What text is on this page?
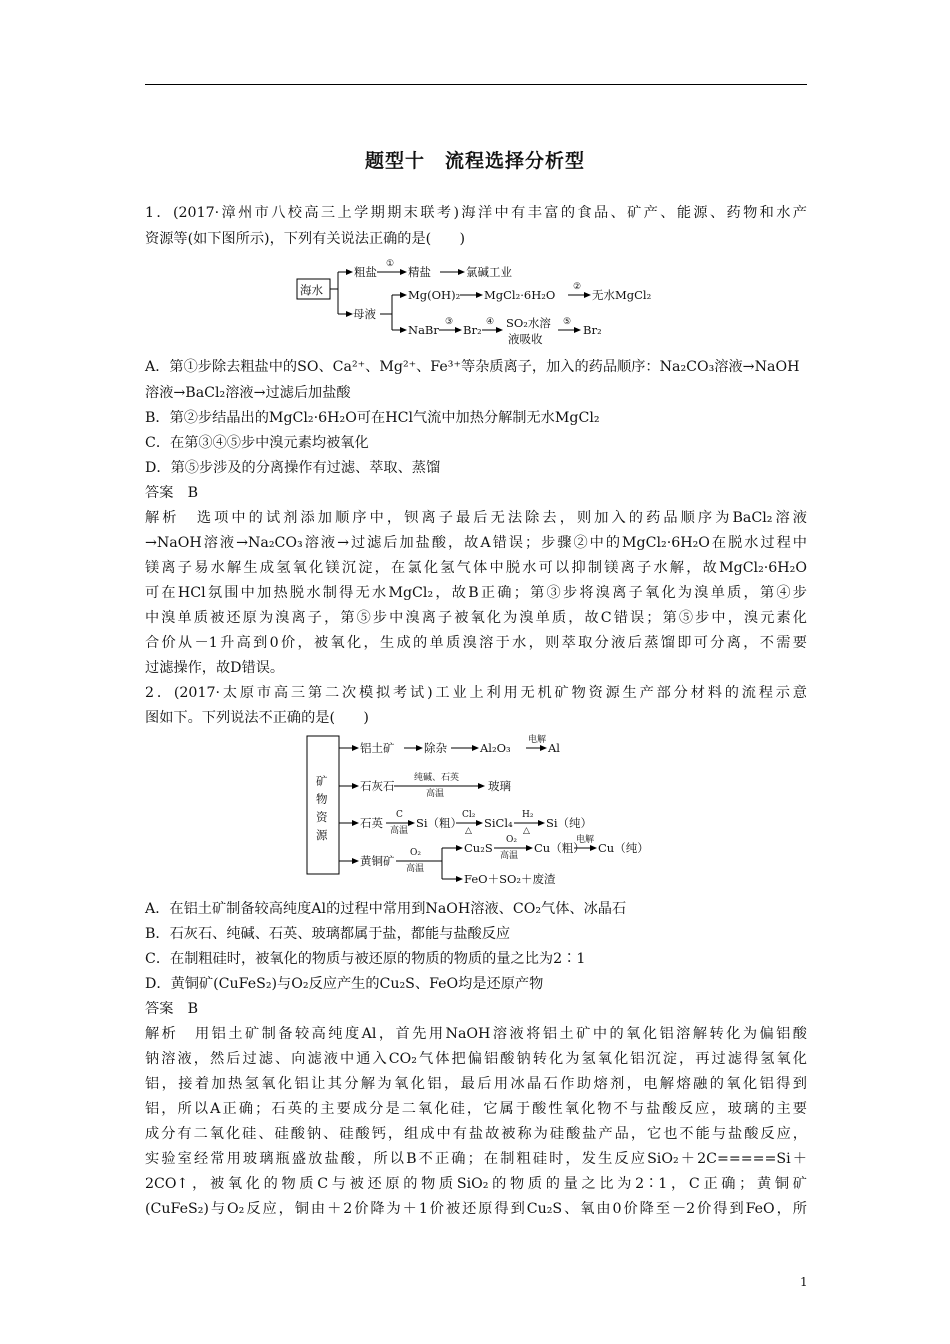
题型十　流程选择分析型
1．(2017·漳州市八校高三上学期期末联考)海洋中有丰富的食品、矿产、能源、药物和水产
资源等(如下图所示)，下列有关说法正确的是(　　)
海水
粗盐
①
精盐	氯碱工业
母液
Mg(OH)₂ MgCl₂·6H₂O
②
无水MgCl₂
NaBr
③
Br₂
④ SO₂水溶
液吸收
⑤
Br₂
A．第①步除去粗盐中的SO、Ca²⁺、Mg²⁺、Fe³⁺等杂质离子，加入的药品顺序：Na₂CO₃溶液→NaOH
溶液→BaCl₂溶液→过滤后加盐酸
B．第②步结晶出的MgCl₂·6H₂O可在HCl气流中加热分解制无水MgCl₂
C．在第③④⑤步中溴元素均被氧化
D．第⑤步涉及的分离操作有过滤、萃取、蒸馏
答案　B
解析　选项中的试剂添加顺序中，钡离子最后无法除去，则加入的药品顺序为BaCl₂溶液
→NaOH溶液→Na₂CO₃溶液→过滤后加盐酸，故A错误；步骤②中的MgCl₂·6H₂O在脱水过程中
镁离子易水解生成氢氧化镁沉淀，在氯化氢气体中脱水可以抑制镁离子水解，故MgCl₂·6H₂O
可在HCl氛围中加热脱水制得无水MgCl₂，故B正确；第③步将溴离子氧化为溴单质，第④步
中溴单质被还原为溴离子，第⑤步中溴离子被氧化为溴单质，故C错误；第⑤步中，溴元素化
合价从－1升高到0价，被氧化，生成的单质溴溶于水，则萃取分液后蒸馏即可分离，不需要
过滤操作，故D错误。
2．(2017·太原市高三第二次模拟考试)工业上利用无机矿物资源生产部分材料的流程示意
图如下。下列说法不正确的是(　　)
矿
物
资
源
铝土矿	除杂	Al₂O₃
电解
Al
石灰石
纯碱、石英
高温
玻璃
石英
C
高温
Si（粗）
Cl₂
△
SiCl₄
H₂
△
Si（纯）
黄铜矿
O₂
高温
Cu₂S
O₂
高温
Cu（粗）
电解
Cu（纯）
FeO＋SO₂＋废渣
A．在铝土矿制备较高纯度Al的过程中常用到NaOH溶液、CO₂气体、冰晶石
B．石灰石、纯碱、石英、玻璃都属于盐，都能与盐酸反应
C．在制粗硅时，被氧化的物质与被还原的物质的物质的量之比为2∶1
D．黄铜矿(CuFeS₂)与O₂反应产生的Cu₂S、FeO均是还原产物
答案　B
解析　用铝土矿制备较高纯度Al，首先用NaOH溶液将铝土矿中的氧化铝溶解转化为偏铝酸
钠溶液，然后过滤、向滤液中通入CO₂气体把偏铝酸钠转化为氢氧化铝沉淀，再过滤得氢氧化
铝，接着加热氢氧化铝让其分解为氧化铝，最后用冰晶石作助熔剂，电解熔融的氧化铝得到
铝，所以A正确；石英的主要成分是二氧化硅，它属于酸性氧化物不与盐酸反应，玻璃的主要
成分有二氧化硅、硅酸钠、硅酸钙，组成中有盐故被称为硅酸盐产品，它也不能与盐酸反应，
实验室经常用玻璃瓶盛放盐酸，所以B不正确；在制粗硅时，发生反应SiO₂＋2C=====Si＋
2CO↑，被氧化的物质C与被还原的物质SiO₂的物质的量之比为2∶1，C正确；黄铜矿
(CuFeS₂)与O₂反应，铜由＋2价降为＋1价被还原得到Cu₂S、氧由0价降至－2价得到FeO，所
1
